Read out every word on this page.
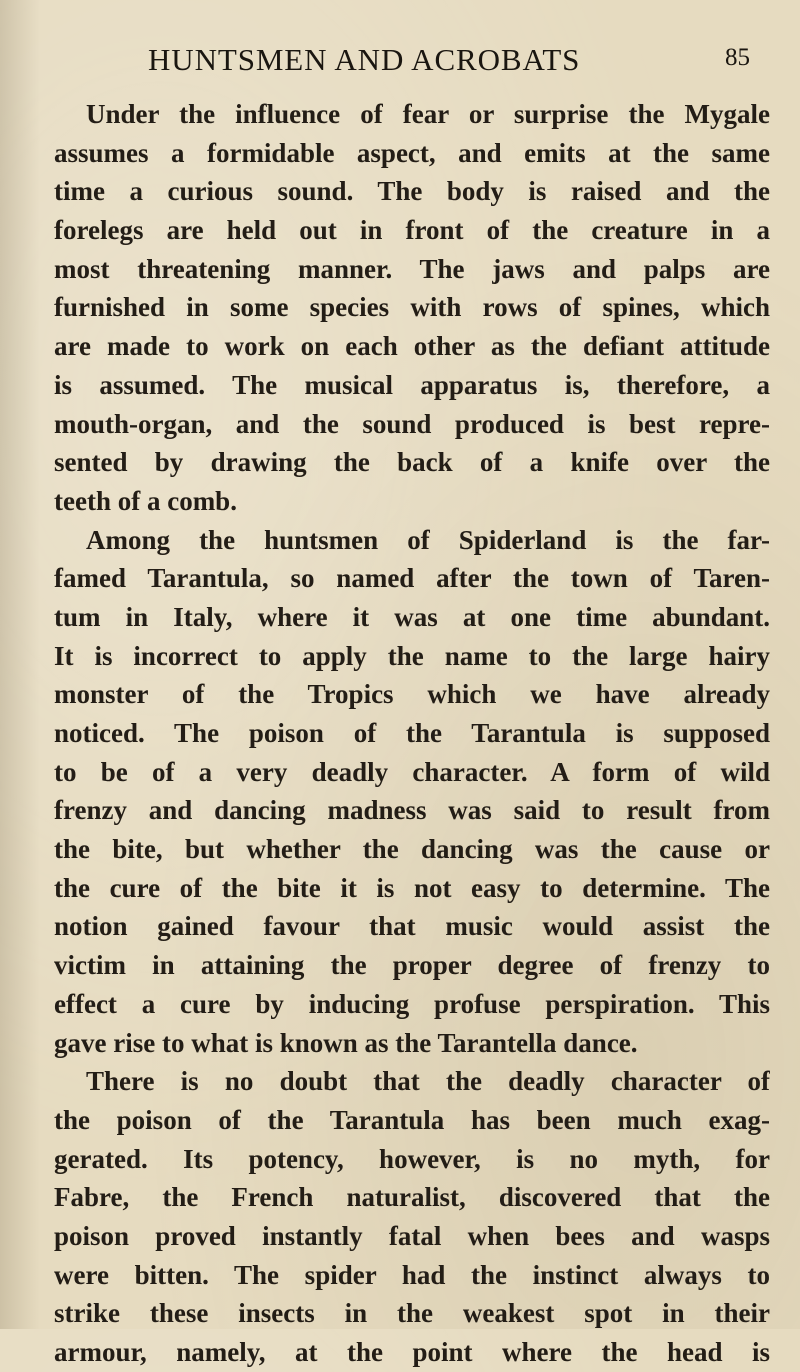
HUNTSMEN AND ACROBATS	85
Under the influence of fear or surprise the Mygale
assumes a formidable aspect, and emits at the same
time a curious sound. The body is raised and the
forelegs are held out in front of the creature in a
most threatening manner. The jaws and palps are
furnished in some species with rows of spines, which
are made to work on each other as the defiant attitude
is assumed. The musical apparatus is, therefore, a
mouth-organ, and the sound produced is best repre-
sented by drawing the back of a knife over the
teeth of a comb.
Among the huntsmen of Spiderland is the far-
famed Tarantula, so named after the town of Taren-
tum in Italy, where it was at one time abundant.
It is incorrect to apply the name to the large hairy
monster of the Tropics which we have already
noticed. The poison of the Tarantula is supposed
to be of a very deadly character. A form of wild
frenzy and dancing madness was said to result from
the bite, but whether the dancing was the cause or
the cure of the bite it is not easy to determine. The
notion gained favour that music would assist the
victim in attaining the proper degree of frenzy to
effect a cure by inducing profuse perspiration. This
gave rise to what is known as the Tarantella dance.
There is no doubt that the deadly character of
the poison of the Tarantula has been much exag-
gerated. Its potency, however, is no myth, for
Fabre, the French naturalist, discovered that the
poison proved instantly fatal when bees and wasps
were bitten. The spider had the instinct always to
strike these insects in the weakest spot in their
armour, namely, at the point where the head is
